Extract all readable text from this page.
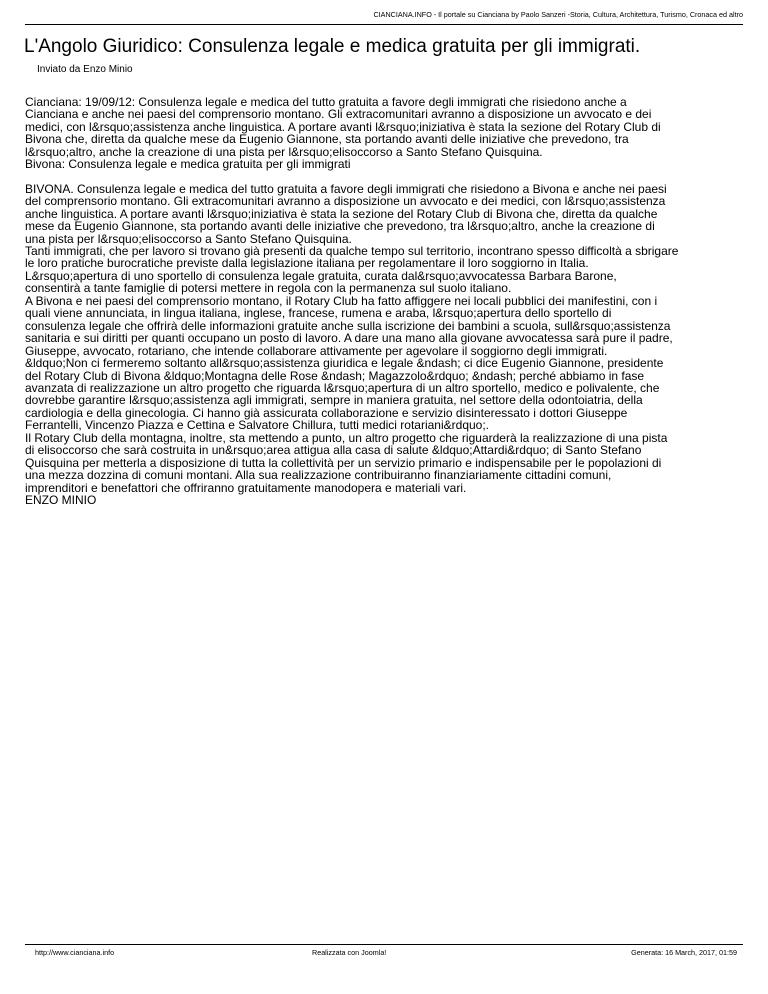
CIANCIANA.INFO - Il portale su Cianciana by Paolo Sanzeri -Storia, Cultura, Architettura, Turismo, Cronaca ed altro
L'Angolo Giuridico: Consulenza legale e medica gratuita per gli immigrati.
Inviato da Enzo Minio

Cianciana: 19/09/12: Consulenza legale e medica del tutto gratuita a favore degli immigrati che risiedono anche a
Cianciana e anche nei paesi del comprensorio montano. Gli extracomunitari avranno a disposizione un avvocato e dei
medici, con l&rsquo;assistenza anche linguistica. A portare avanti l&rsquo;iniziativa è stata la sezione del Rotary Club di
Bivona che, diretta da qualche mese da Eugenio Giannone, sta portando avanti delle iniziative che prevedono, tra
l&rsquo;altro, anche la creazione di una pista per l&rsquo;elisoccorso a Santo Stefano Quisquina.
Bivona: Consulenza legale e medica gratuita per gli immigrati

BIVONA. Consulenza legale e medica del tutto gratuita a favore degli immigrati che risiedono a Bivona e anche nei paesi
del comprensorio montano. Gli extracomunitari avranno a disposizione un avvocato e dei medici, con l&rsquo;assistenza
anche linguistica. A portare avanti l&rsquo;iniziativa è stata la sezione del Rotary Club di Bivona che, diretta da qualche
mese da Eugenio Giannone, sta portando avanti delle iniziative che prevedono, tra l&rsquo;altro, anche la creazione di
una pista per l&rsquo;elisoccorso a Santo Stefano Quisquina.
Tanti immigrati, che per lavoro si trovano già presenti da qualche tempo sul territorio, incontrano spesso difficoltà a sbrigare
le loro pratiche burocratiche previste dalla legislazione italiana per regolamentare il loro soggiorno in Italia.
L&rsquo;apertura di uno sportello di consulenza legale gratuita, curata dal&rsquo;avvocatessa Barbara Barone,
consentirà a tante famiglie di potersi mettere in regola con la permanenza sul suolo italiano.
A Bivona e nei paesi del comprensorio montano, il Rotary Club ha fatto affiggere nei locali pubblici dei manifestini, con i
quali viene annunciata, in lingua italiana, inglese, francese, rumena e araba, l&rsquo;apertura dello sportello di
consulenza legale che offrirà delle informazioni gratuite anche sulla iscrizione dei bambini a scuola, sull&rsquo;assistenza
sanitaria e sui diritti per quanti occupano un posto di lavoro. A dare una mano alla giovane avvocatessa sarà pure il padre,
Giuseppe, avvocato, rotariano, che intende collaborare attivamente per agevolare il soggiorno degli immigrati.
&ldquo;Non ci fermeremo soltanto all&rsquo;assistenza giuridica e legale &ndash; ci dice Eugenio Giannone, presidente
del Rotary Club di Bivona &ldquo;Montagna delle Rose &ndash; Magazzolo&rdquo; &ndash; perché abbiamo in fase
avanzata di realizzazione un altro progetto che riguarda l&rsquo;apertura di un altro sportello, medico e polivalente, che
dovrebbe garantire l&rsquo;assistenza agli immigrati, sempre in maniera gratuita, nel settore della odontoiatria, della
cardiologia e della ginecologia. Ci hanno già assicurata collaborazione e servizio disinteressato i dottori Giuseppe
Ferrantelli, Vincenzo Piazza e Cettina e Salvatore Chillura, tutti medici rotariani&rdquo;.
Il Rotary Club della montagna, inoltre, sta mettendo a punto, un altro progetto che riguarderà la realizzazione di una pista
di elisoccorso che sarà costruita in un&rsquo;area attigua alla casa di salute &ldquo;Attardi&rdquo; di Santo Stefano
Quisquina per metterla a disposizione di tutta la collettività per un servizio primario e indispensabile per le popolazioni di
una mezza dozzina di comuni montani. Alla sua realizzazione contribuiranno finanziariamente cittadini comuni,
imprenditori e benefattori che offriranno gratuitamente manodopera e materiali vari.

ENZO MINIO

http://www.cianciana.info	Realizzata con Joomla!	Generata: 16 March, 2017, 01:59
